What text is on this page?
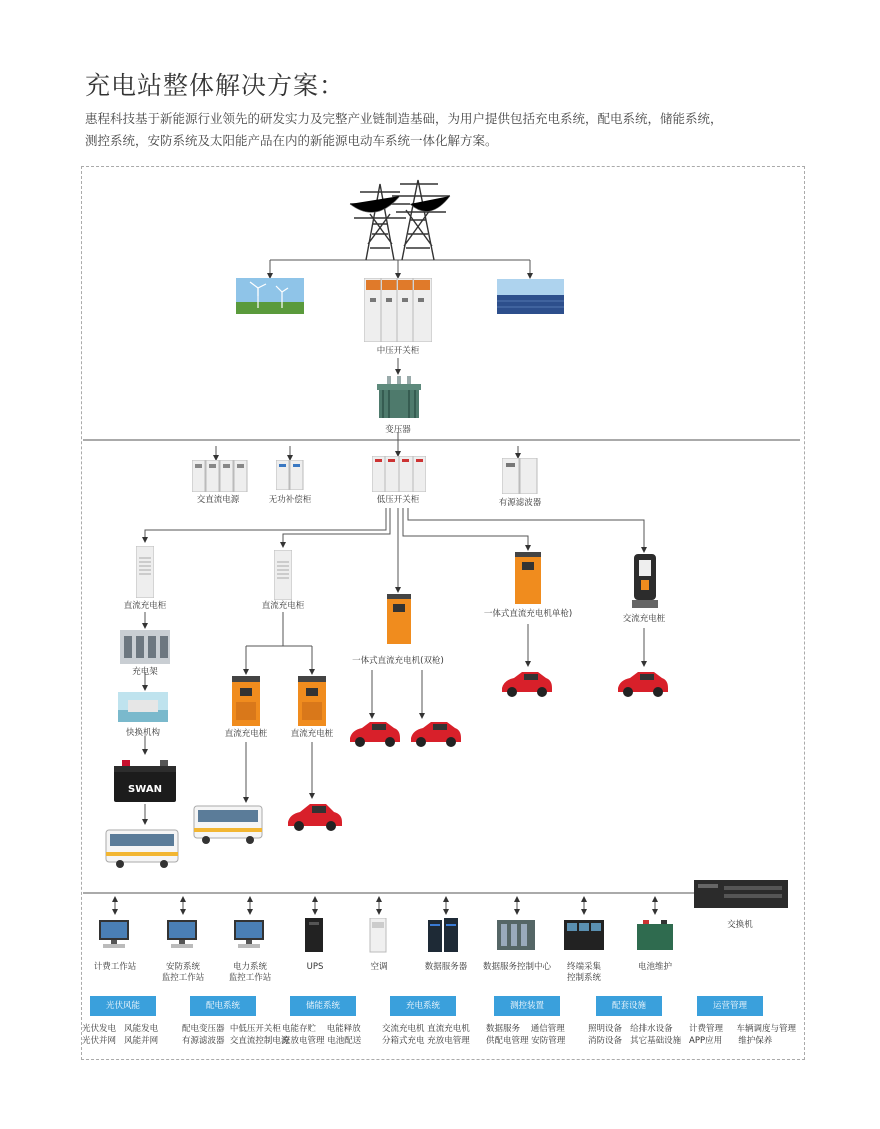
充电站整体解决方案：
惠程科技基于新能源行业领先的研发实力及完整产业链制造基础，为用户提供包括充电系统，配电系统，储能系统，
测控系统，安防系统及太阳能产品在内的新能源电动车系统一体化解方案。
中压开关柜
变压器
交直流电源	无功补偿柜	低压开关柜	有源滤波器
直流充电柜	直流充电柜
充电架
快换机构
SWAN
直流充电桩	直流充电桩
一体式直流充电机(双枪)
一体式直流充电机单枪)	交流充电桩
交换机
计费工作站	安防系统
监控工作站
电力系统
监控工作站
UPS	空调	数据服务器 数据服务控制中心 终端采集
控制系统
电池维护
光伏风能
光伏发电   风能发电
光伏并网   风能并网
配电系统
配电变压器  中低压开关柜
有源滤波器  交直流控制电源
储能系统
电能存贮    电能释放
充放电管理 电池配送
充电系统
交流充电机 直流充电机
分箱式充电 充放电管理
测控装置
数据服务    通信管理
供配电管理 安防管理
配套设施
照明设备   给排水设备
消防设备   其它基础设施
运营管理
计费管理     车辆调度与管理
APP应用      维护保养
